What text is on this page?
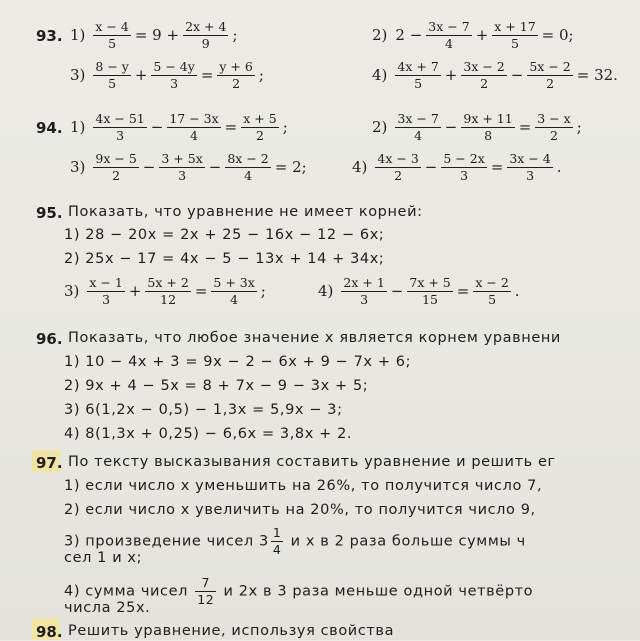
93. $1) \frac{x - 4}{5} = 9 + \frac{2x + 4}{9}$ ;	2) $2 - \frac{3x - 7}{4} + \frac{x + 17}{5} = 0$;
$3) \frac{8 - y}{5} + \frac{5 - 4y}{3} = \frac{y + 6}{2}$ ;	$4) \frac{4x + 7}{5} + \frac{3x - 2}{2} - \frac{5x - 2}{2} = 32$.
94. $1) \frac{4x - 51}{3} - \frac{17 - 3x}{4} = \frac{x + 5}{2}$ ;	$2) \frac{3x - 7}{4} - \frac{9x + 11}{8} = \frac{3 - x}{2}$ ;
$3) \frac{9x - 5}{2} - \frac{3 + 5x}{3} - \frac{8x - 2}{4} = 2$;	$4) \frac{4x - 3}{2} - \frac{5 - 2x}{3} = \frac{3x - 4}{3}$ .
95. Показать, что уравнение не имеет корней:
1) 28 − 20x = 2x + 25 − 16x − 12 − 6x;
2) 25x − 17 = 4x − 5 − 13x + 14 + 34x;
$3) \frac{x - 1}{3} + \frac{5x + 2}{12} = \frac{5 + 3x}{4}$ ;	$4) \frac{2x + 1}{3} - \frac{7x + 5}{15} = \frac{x - 2}{5}$ .
96. Показать, что любое значение x является корнем уравнени
1) 10 − 4x + 3 = 9x − 2 − 6x + 9 − 7x + 6;
2) 9x + 4 − 5x = 8 + 7x − 9 − 3x + 5;
3) 6(1,2x − 0,5) − 1,3x = 5,9x − 3;
4) 8(1,3x + 0,25) − 6,6x = 3,8x + 2.
97. По тексту высказывания составить уравнение и решить ег
1) если число x уменьшить на 26%, то получится число 7,
2) если число x увеличить на 20%, то получится число 9,
3) произведение чисел $3 \frac{1}{4}$ и x в 2 раза больше суммы ч
сел 1 и x;
4) сумма чисел $\frac{7}{12}$ и 2x в 3 раза меньше одной четвёрто
числа 25x.
98. Решить уравнение, используя свойства
